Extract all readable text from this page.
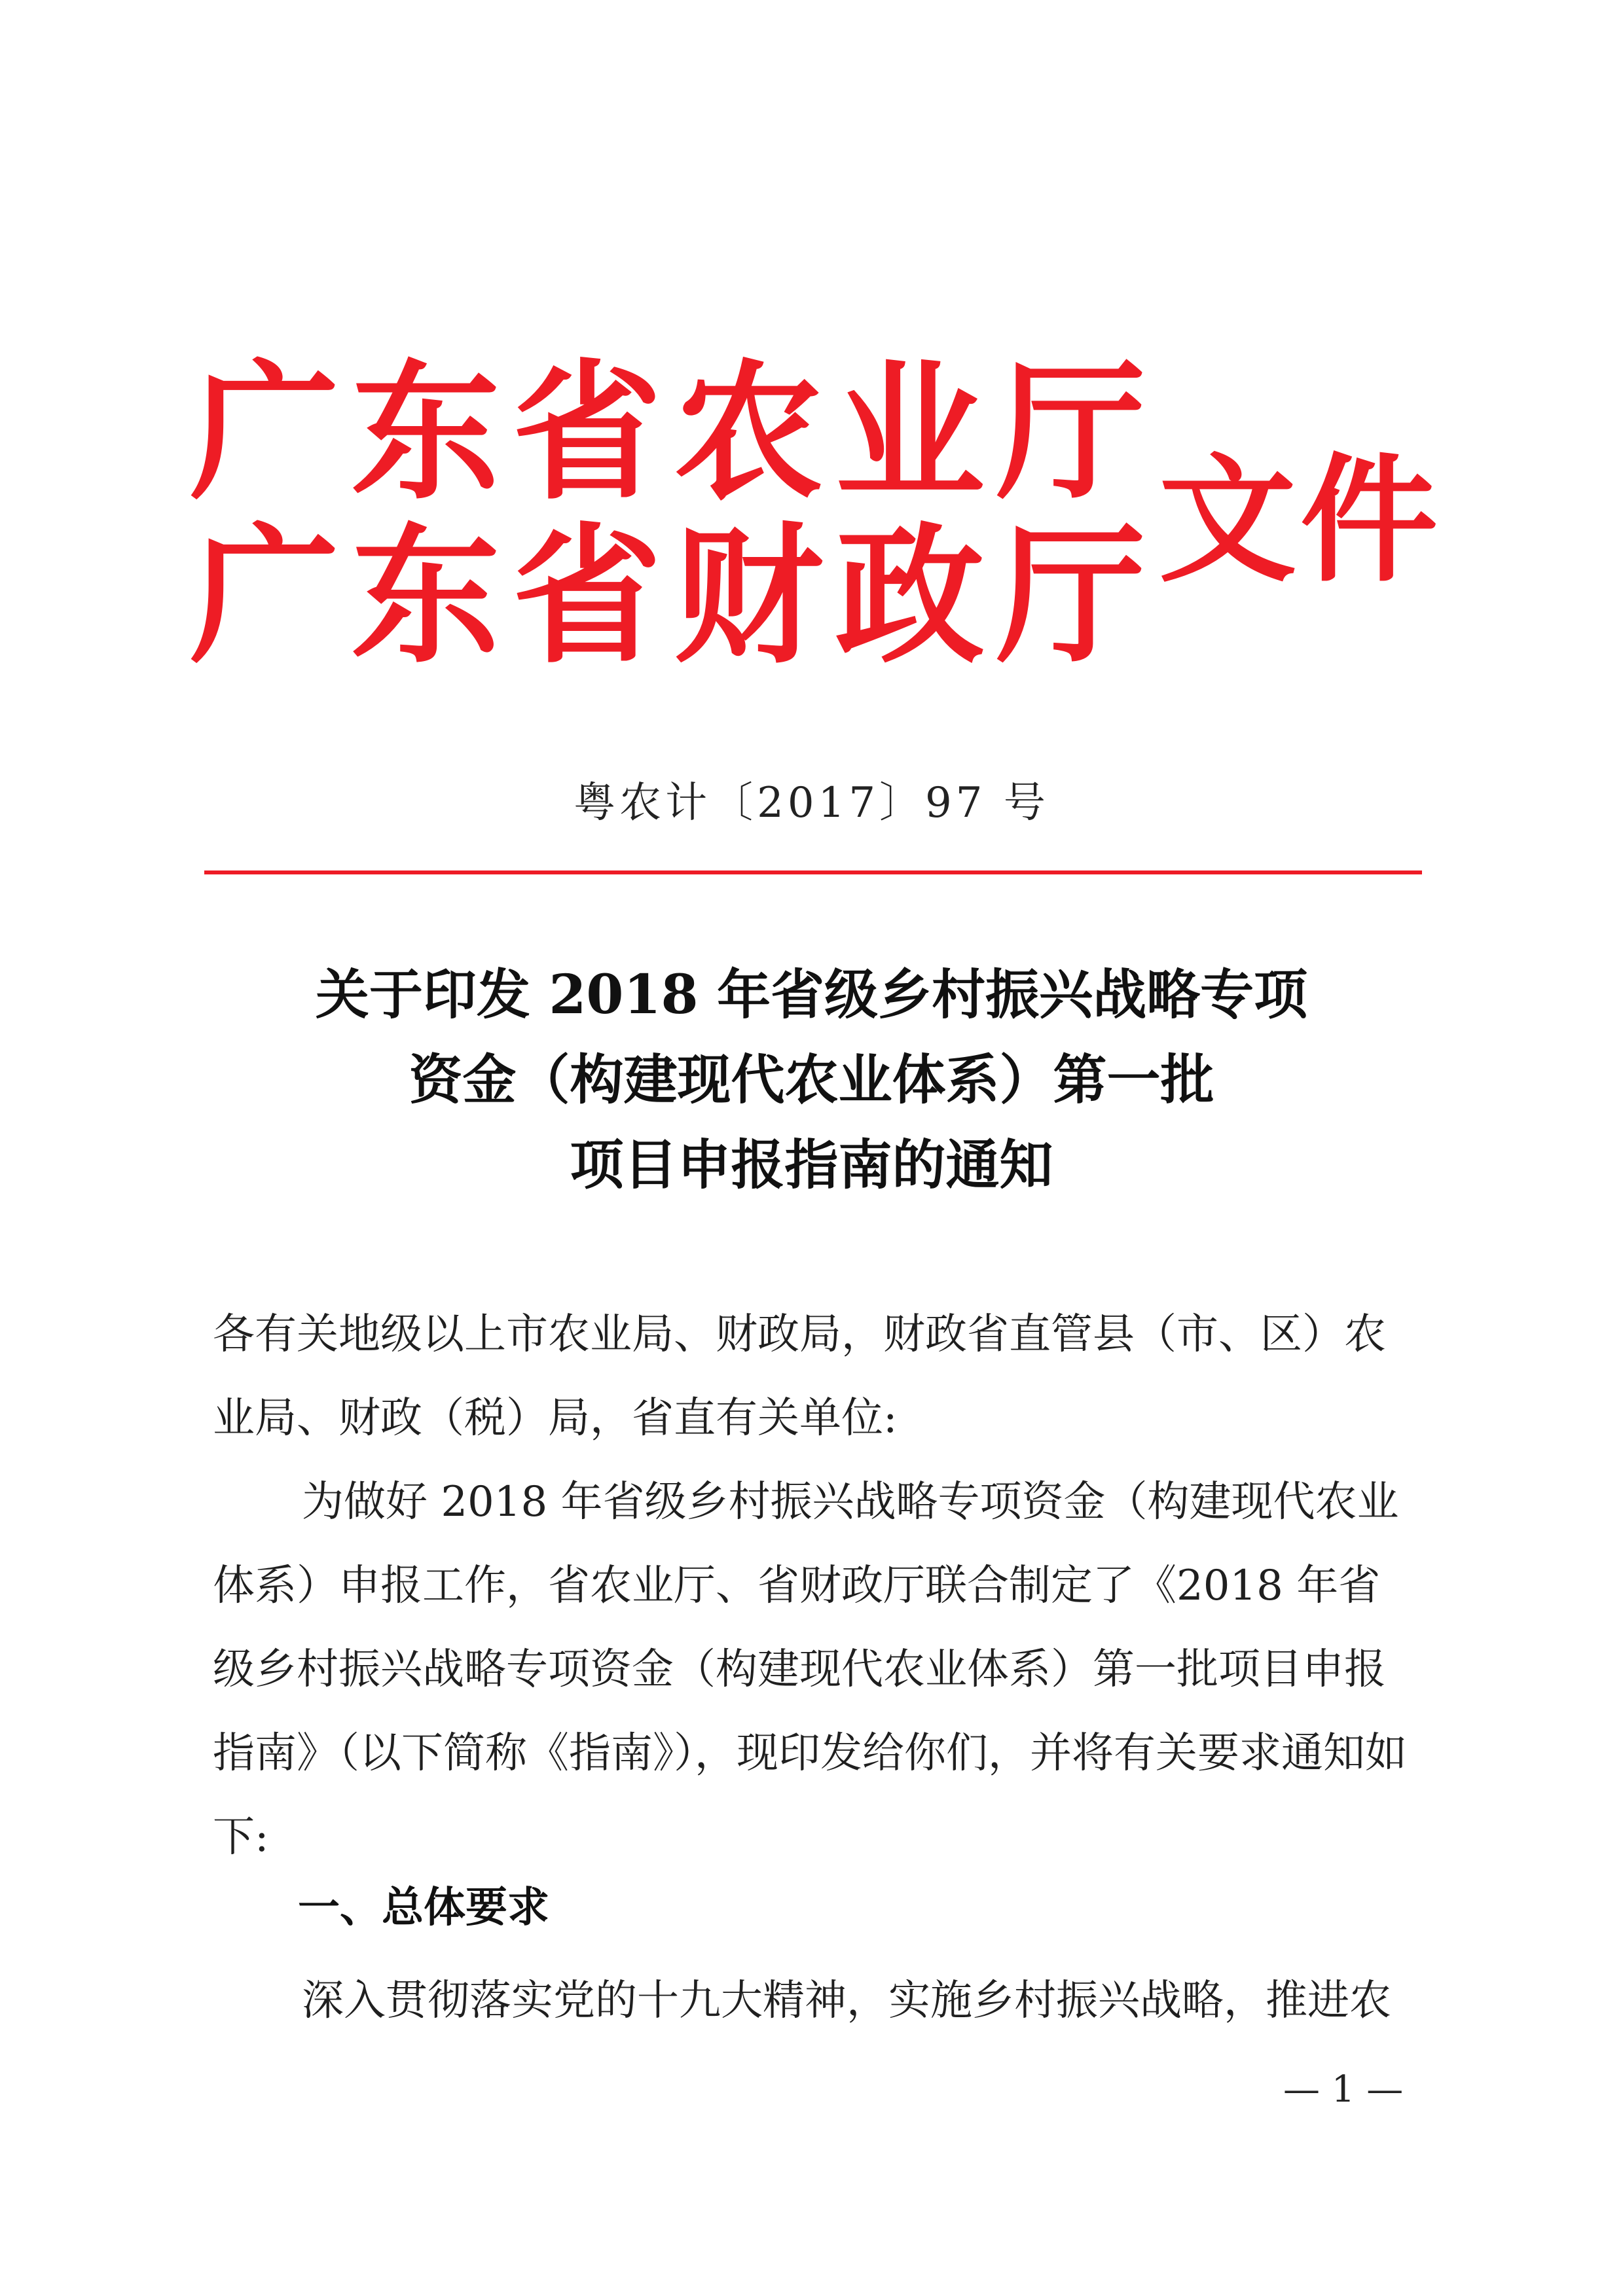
广 东 省 农 业 厅
广 东 省 财 政 厅 文件
粤农计〔2017〕97 号
关于印发 2018 年省级乡村振兴战略专项
资金（构建现代农业体系）第一批
项目申报指南的通知
各有关地级以上市农业局、财政局，财政省直管县（市、区）农业局、财政（税）局，省直有关单位:
为做好 2018 年省级乡村振兴战略专项资金（构建现代农业体系）申报工作，省农业厅、省财政厅联合制定了《2018 年省级乡村振兴战略专项资金（构建现代农业体系）第一批项目申报指南》（以下简称《指南》），现印发给你们，并将有关要求通知如下:
一、总体要求
深入贯彻落实党的十九大精神，实施乡村振兴战略，推进农
— 1 —
